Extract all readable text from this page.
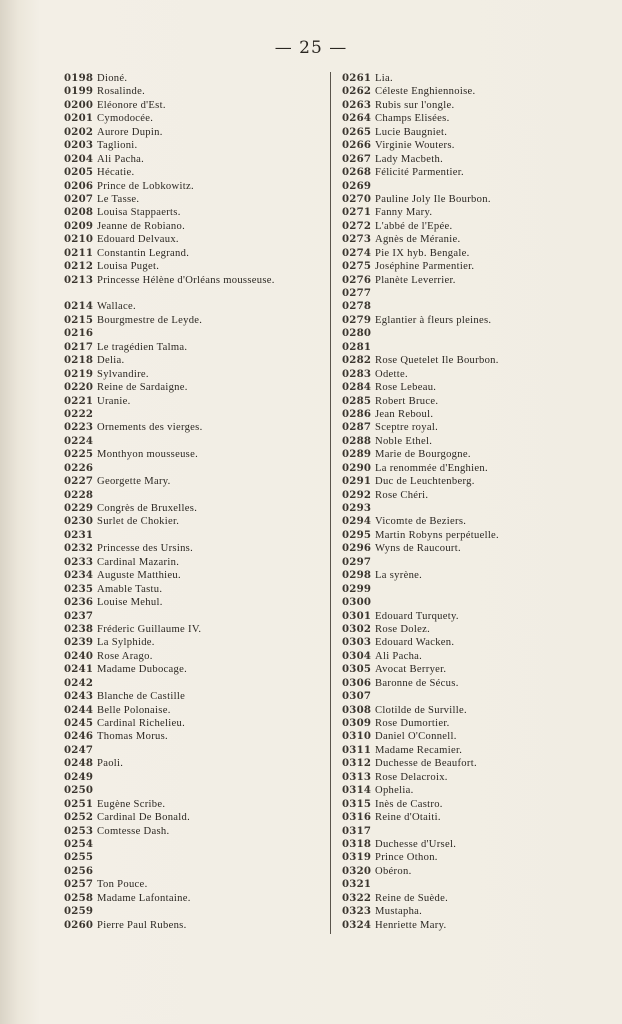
— 25 —
0198 Dioné.
0199 Rosalinde.
0200 Eléonore d'Est.
0201 Cymodocée.
0202 Aurore Dupin.
0203 Taglioni.
0204 Ali Pacha.
0205 Hécatie.
0206 Prince de Lobkowitz.
0207 Le Tasse.
0208 Louisa Stappaerts.
0209 Jeanne de Robiano.
0210 Edouard Delvaux.
0211 Constantin Legrand.
0212 Louisa Puget.
0213 Princesse Hélène d'Orléans mousseuse.
0214 Wallace.
0215 Bourgmestre de Leyde.
0216
0217 Le tragédien Talma.
0218 Delia.
0219 Sylvandire.
0220 Reine de Sardaigne.
0221 Uranie.
0222
0223 Ornements des vierges.
0224
0225 Monthyon mousseuse.
0226
0227 Georgette Mary.
0228
0229 Congrès de Bruxelles.
0230 Surlet de Chokier.
0231
0232 Princesse des Ursins.
0233 Cardinal Mazarin.
0234 Auguste Matthieu.
0235 Amable Tastu.
0236 Louise Mehul.
0237
0238 Fréderic Guillaume IV.
0239 La Sylphide.
0240 Rose Arago.
0241 Madame Dubocage.
0242
0243 Blanche de Castille
0244 Belle Polonaise.
0245 Cardinal Richelieu.
0246 Thomas Morus.
0247
0248 Paoli.
0249
0250
0251 Eugène Scribe.
0252 Cardinal De Bonald.
0253 Comtesse Dash.
0254
0255
0256
0257 Ton Pouce.
0258 Madame Lafontaine.
0259
0260 Pierre Paul Rubens.
0261 Lia.
0262 Céleste Enghiennoise.
0263 Rubis sur l'ongle.
0264 Champs Elisées.
0265 Lucie Baugniet.
0266 Virginie Wouters.
0267 Lady Macbeth.
0268 Félicité Parmentier.
0269
0270 Pauline Joly Ile Bourbon.
0271 Fanny Mary.
0272 L'abbé de l'Epée.
0273 Agnès de Méranie.
0274 Pie IX hyb. Bengale.
0275 Joséphine Parmentier.
0276 Planète Leverrier.
0277
0278
0279 Eglantier à fleurs pleines.
0280
0281
0282 Rose Quetelet Ile Bourbon.
0283 Odette.
0284 Rose Lebeau.
0285 Robert Bruce.
0286 Jean Reboul.
0287 Sceptre royal.
0288 Noble Ethel.
0289 Marie de Bourgogne.
0290 La renommée d'Enghien.
0291 Duc de Leuchtenberg.
0292 Rose Chéri.
0293
0294 Vicomte de Beziers.
0295 Martin Robyns perpétuelle.
0296 Wyns de Raucourt.
0297
0298 La syrène.
0299
0300
0301 Edouard Turquety.
0302 Rose Dolez.
0303 Edouard Wacken.
0304 Ali Pacha.
0305 Avocat Berryer.
0306 Baronne de Sécus.
0307
0308 Clotilde de Surville.
0309 Rose Dumortier.
0310 Daniel O'Connell.
0311 Madame Recamier.
0312 Duchesse de Beaufort.
0313 Rose Delacroix.
0314 Ophelia.
0315 Inès de Castro.
0316 Reine d'Otaiti.
0317
0318 Duchesse d'Ursel.
0319 Prince Othon.
0320 Obéron.
0321
0322 Reine de Suède.
0323 Mustapha.
0324 Henriette Mary.
